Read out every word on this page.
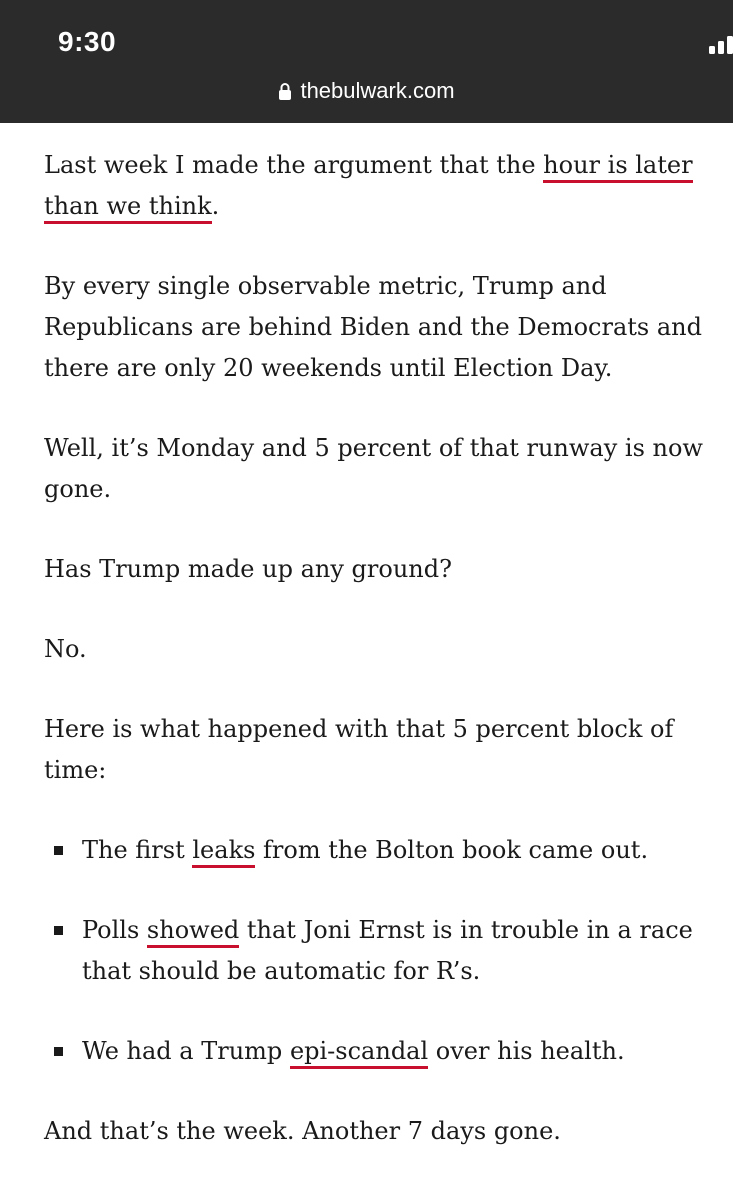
9:30
thebulwark.com

Last week I made the argument that the hour is later than we think.

By every single observable metric, Trump and Republicans are behind Biden and the Democrats and there are only 20 weekends until Election Day.

Well, it’s Monday and 5 percent of that runway is now gone.

Has Trump made up any ground?

No.

Here is what happened with that 5 percent block of time:

The first leaks from the Bolton book came out.
Polls showed that Joni Ernst is in trouble in a race that should be automatic for R’s.
We had a Trump epi-scandal over his health.

And that’s the week. Another 7 days gone.
